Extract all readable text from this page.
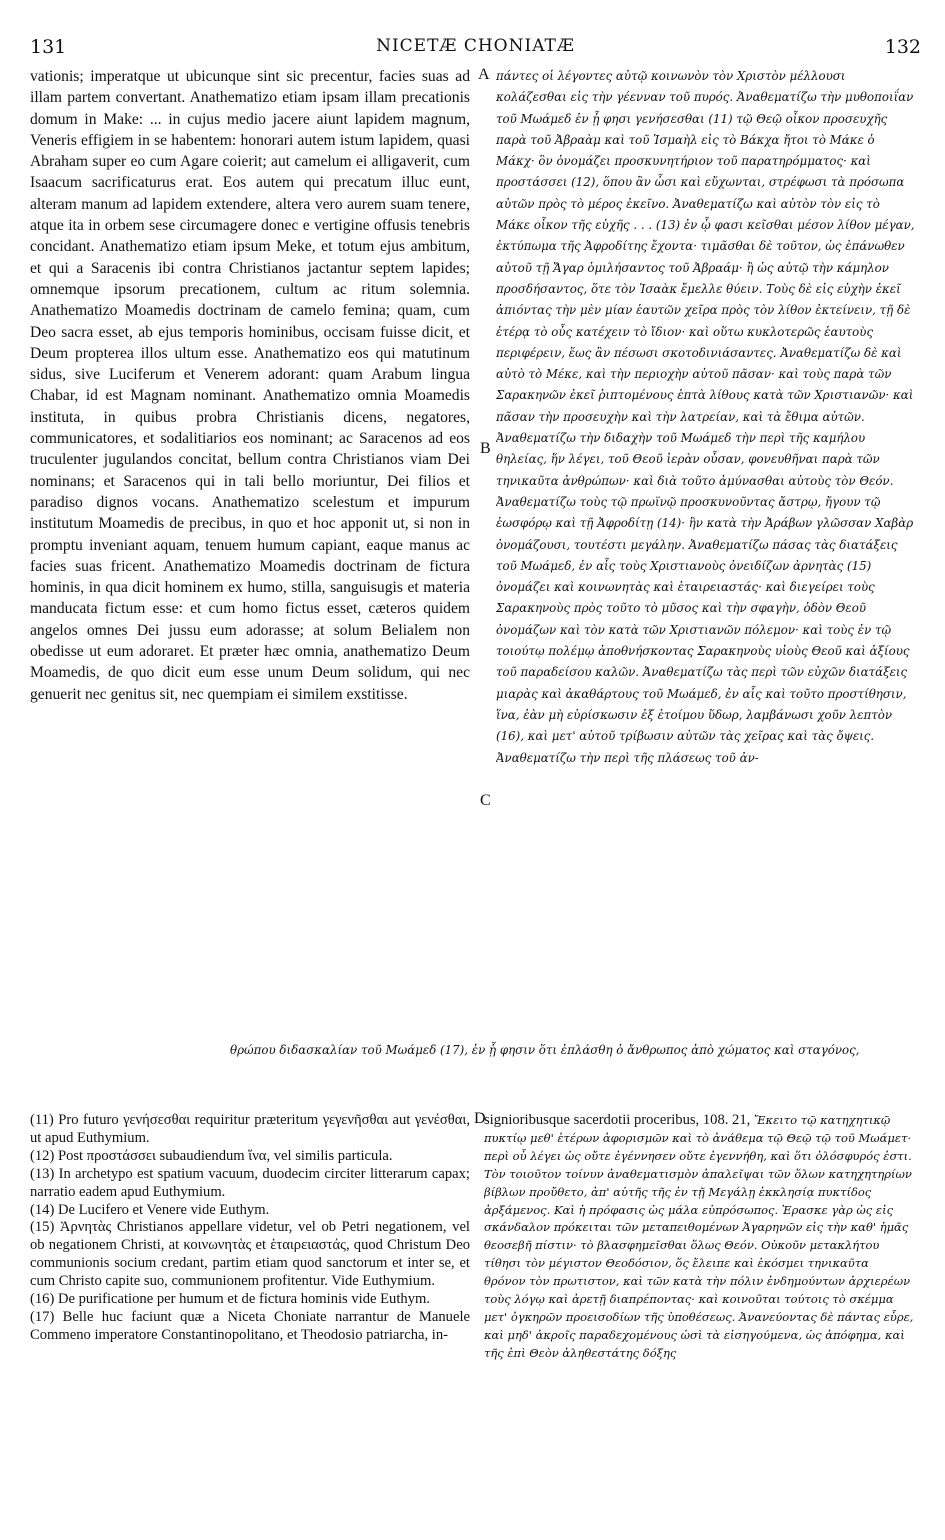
131	NICETÆ CHONIATÆ	132
vationis; imperatque ut ubicunque sint sic precentur, facies suas ad illam partem convertant. Anathematizo etiam ipsam illam precationis domum in Make: ... in cujus medio jacere aiunt lapidem magnum, Veneris effigiem in se habentem: honorari autem istum lapidem, quasi Abraham super eo cum Agare coierit; aut camelum ei alligaverit, cum Isaacum sacrificaturus erat. Eos autem qui precatum illuc eunt, alteram manum ad lapidem extendere, altera vero aurem suam tenere, atque ita in orbem sese circumagere donec e vertigine offusis tenebris concidant. Anathematizo etiam ipsum Meke, et totum ejus ambitum, et qui a Saracenis ibi contra Christianos jactantur septem lapides; omnemque ipsorum precationem, cultum ac ritum solemnia. Anathematizo Moamedis doctrinam de camelo femina; quam, cum Deo sacra esset, ab ejus temporis hominibus, occisam fuisse dicit, et Deum propterea illos ultum esse. Anathematizo eos qui matutinum sidus, sive Luciferum et Venerem adorant: quam Arabum lingua Chabar, id est Magnam nominant. Anathematizo omnia Moamedis instituta, in quibus probra Christianis dicens, negatores, communicatores, et sodalitiarios eos nominant; ac Saracenos ad eos truculenter jugulandos concitat, bellum contra Christianos viam Dei nominans; et Saracenos qui in tali bello moriuntur, Dei filios et paradiso dignos vocans. Anathematizo scelestum et impurum institutum Moamedis de precibus, in quo et hoc apponit ut, si non in promptu inveniant aquam, tenuem humum capiant, eaque manus ac facies suas fricent. Anathematizo Moamedis doctrinam de fictura hominis, in qua dicit hominem ex humo, stilla, sanguisugis et materia manducata fictum esse: et cum homo fictus esset, cæteros quidem angelos omnes Dei jussu eum adorasse; at solum Belialem non obedisse ut eum adoraret. Et præter hæc omnia, anathematizo Deum Moamedis, de quo dicit eum esse unum Deum solidum, qui nec genuerit nec genitus sit, nec quempiam ei similem exstitisse.
A
B
C
D
πάντες οἱ λέγοντες αὐτῷ κοινωνὸν τὸν Χριστὸν μέλλουσι κολάζεσθαι εἰς τὴν γέενναν τοῦ πυρός. Ἀναθεματίζω τὴν μυθοποιΐαν τοῦ Μωάμεδ ἐν ᾗ φησι γενήσεσθαι (11) τῷ Θεῷ οἶκον προσευχῆς παρὰ τοῦ Ἀβραὰμ καὶ τοῦ Ἰσμαὴλ εἰς τὸ Βάκχα ἤτοι τὸ Μάκε ὁ Μάκχ· ὃν ὀνομάζει προσκυνητήριον τοῦ παρατηρόμματος· καὶ προστάσσει (12), ὅπου ἂν ὦσι καὶ εὔχωνται, στρέφωσι τὰ πρόσωπα αὐτῶν πρὸς τὸ μέρος ἐκεῖνο. Ἀναθεματίζω καὶ αὐτὸν τὸν εἰς τὸ Μάκε οἶκον τῆς εὐχῆς . . . (13) ἐν ᾧ φασι κεῖσθαι μέσον λίθον μέγαν, ἐκτύπωμα τῆς Ἀφροδίτης ἔχοντα· τιμᾶσθαι δὲ τοῦτον, ὡς ἐπάνωθεν αὐτοῦ τῇ Ἄγαρ ὁμιλήσαντος τοῦ Ἀβραάμ· ἢ ὡς αὐτῷ τὴν κάμηλον προσδήσαντος, ὅτε τὸν Ἰσαὰκ ἔμελλε θύειν. Τοὺς δὲ εἰς εὐχὴν ἐκεῖ ἀπιόντας τὴν μὲν μίαν ἑαυτῶν χεῖρα πρὸς τὸν λίθον ἐκτείνειν, τῇ δὲ ἑτέρᾳ τὸ οὖς κατέχειν τὸ ἴδιον· καὶ οὕτω κυκλοτερῶς ἑαυτοὺς περιφέρειν, ἕως ἂν πέσωσι σκοτοδινιάσαντες. Ἀναθεματίζω δὲ καὶ αὐτὸ τὸ Μέκε, καὶ τὴν περιοχὴν αὐτοῦ πᾶσαν· καὶ τοὺς παρὰ τῶν Σαρακηνῶν ἐκεῖ ῥιπτομένους ἑπτὰ λίθους κατὰ τῶν Χριστιανῶν· καὶ πᾶσαν τὴν προσευχὴν καὶ τὴν λατρείαν, καὶ τὰ ἔθιμα αὐτῶν. Ἀναθεματίζω τὴν διδαχὴν τοῦ Μωάμεδ τὴν περὶ τῆς καμήλου θηλείας, ἥν λέγει, τοῦ Θεοῦ ἱερὰν οὖσαν, φονευθῆναι παρὰ τῶν τηνικαῦτα ἀνθρώπων· καὶ διὰ τοῦτο ἀμύνασθαι αὐτοὺς τὸν Θεόν. Ἀναθεματίζω τοὺς τῷ πρωϊνῷ προσκυνοῦντας ἄστρῳ, ἤγουν τῷ ἑωσφόρῳ καὶ τῇ Ἀφροδίτῃ (14)· ἣν κατὰ τὴν Ἀράβων γλῶσσαν Χαβὰρ ὀνομάζουσι, τουτέστι μεγάλην. Ἀναθεματίζω πάσας τὰς διατάξεις τοῦ Μωάμεδ, ἐν αἷς τοὺς Χριστιανοὺς ὀνειδίζων ἀρνητὰς (15) ὀνομάζει καὶ κοινωνητὰς καὶ ἑταιρειαστάς· καὶ διεγείρει τοὺς Σαρακηνοὺς πρὸς τοῦτο τὸ μῦσος καὶ τὴν σφαγὴν, ὁδὸν Θεοῦ ὀνομάζων καὶ τὸν κατὰ τῶν Χριστιανῶν πόλεμον· καὶ τοὺς ἐν τῷ τοιούτῳ πολέμῳ ἀποθνήσκοντας Σαρακηνοὺς υἱοὺς Θεοῦ καὶ ἀξίους τοῦ παραδείσου καλῶν. Ἀναθεματίζω τὰς περὶ τῶν εὐχῶν διατάξεις μιαρὰς καὶ ἀκαθάρτους τοῦ Μωάμεδ, ἐν αἷς καὶ τοῦτο προστίθησιν, ἵνα, ἐὰν μὴ εὑρίσκωσιν ἐξ ἑτοίμου ὕδωρ, λαμβάνωσι χοῦν λεπτὸν (16), καὶ μετ' αὐτοῦ τρίβωσιν αὐτῶν τὰς χεῖρας καὶ τὰς ὄψεις. Ἀναθεματίζω τὴν περὶ τῆς πλάσεως τοῦ ἀν-
θρώπου διδασκαλίαν τοῦ Μωάμεδ (17), ἐν ᾗ φησιν ὅτι ἐπλάσθη ὁ ἄνθρωπος ἀπὸ χώματος καὶ σταγόνος,

(11) Pro futuro γενήσεσθαι requiritur præteritum γεγενῆσθαι aut γενέσθαι, ut apud Euthymium.

(12) Post προστάσσει subaudiendum ἵνα, vel similis particula.

(13) In archetypo est spatium vacuum, duodecim circiter litterarum capax; narratio eadem apud Euthymium.

(14) De Lucifero et Venere vide Euthym.

(15) Ἀρνητὰς Christianos appellare videtur, vel ob Petri negationem, vel ob negationem Christi, at κοινωνητὰς et ἑταιρειαστάς, quod Christum Deo communionis socium credant, partim etiam quod sanctorum et inter se, et cum Christo capite suo, communionem profitentur. Vide Euthymium.

(16) De purificatione per humum et de fictura hominis vide Euthym.

(17) Belle huc faciunt quæ a Niceta Choniate narrantur de Manuele Commeno imperatore Constantinopolitano, et Theodosio patriarcha, in-

signioribusque sacerdotii proceribus, 108. 21, Ἔκειτο τῷ κατηχητικῷ πυκτίῳ μεθ' ἑτέρων ἀφορισμῶν καὶ τὸ ἀνάθεμα τῷ Θεῷ τῷ τοῦ Μωάμετ· περὶ οὗ λέγει ὡς οὔτε ἐγέννησεν οὔτε ἐγεννήθη, καὶ ὅτι ὁλόσφυρός ἐστι. Τὸν τοιοῦτον τοίνυν ἀναθεματισμὸν ἀπαλεῖψαι τῶν ὅλων κατηχητηρίων βίβλων προὔθετο, ἀπ' αὐτῆς τῆς ἐν τῇ Μεγάλῃ ἐκκλησίᾳ πυκτίδος ἀρξάμενος. Καὶ ἡ πρόφασις ὡς μάλα εὐπρόσωπος. Ἐρασκε γὰρ ὡς εἰς σκάνδαλον πρόκειται τῶν μεταπειθομένων Ἀγαρηνῶν εἰς τὴν καθ' ἡμᾶς θεοσεβῆ πίστιν· τὸ βλασφημεῖσθαι ὅλως Θεόν. Οὐκοῦν μετακλήτου τίθησι τὸν μέγιστον Θεοδόσιον, ὅς ἔλειπε καὶ ἐκόσμει τηνικαῦτα θρόνον τὸν πρωτιστον, καὶ τῶν κατὰ τὴν πόλιν ἐνδημούντων ἀρχιερέων τοὺς λόγῳ καὶ ἀρετῇ διαπρέποντας· καὶ κοινοῦται τούτοις τὸ σκέμμα μετ' ὀγκηρῶν προεισοδίων τῆς ὑποθέσεως. Ἀνανεύοντας δὲ πάντας εὗρε, καὶ μηδ' ἀκροῖς παραδεχομένους ὠσὶ τὰ εἰσηγούμενα, ὡς ἀπόφημα, καὶ τῆς ἐπὶ Θεὸν ἀληθεστάτης δόξης
